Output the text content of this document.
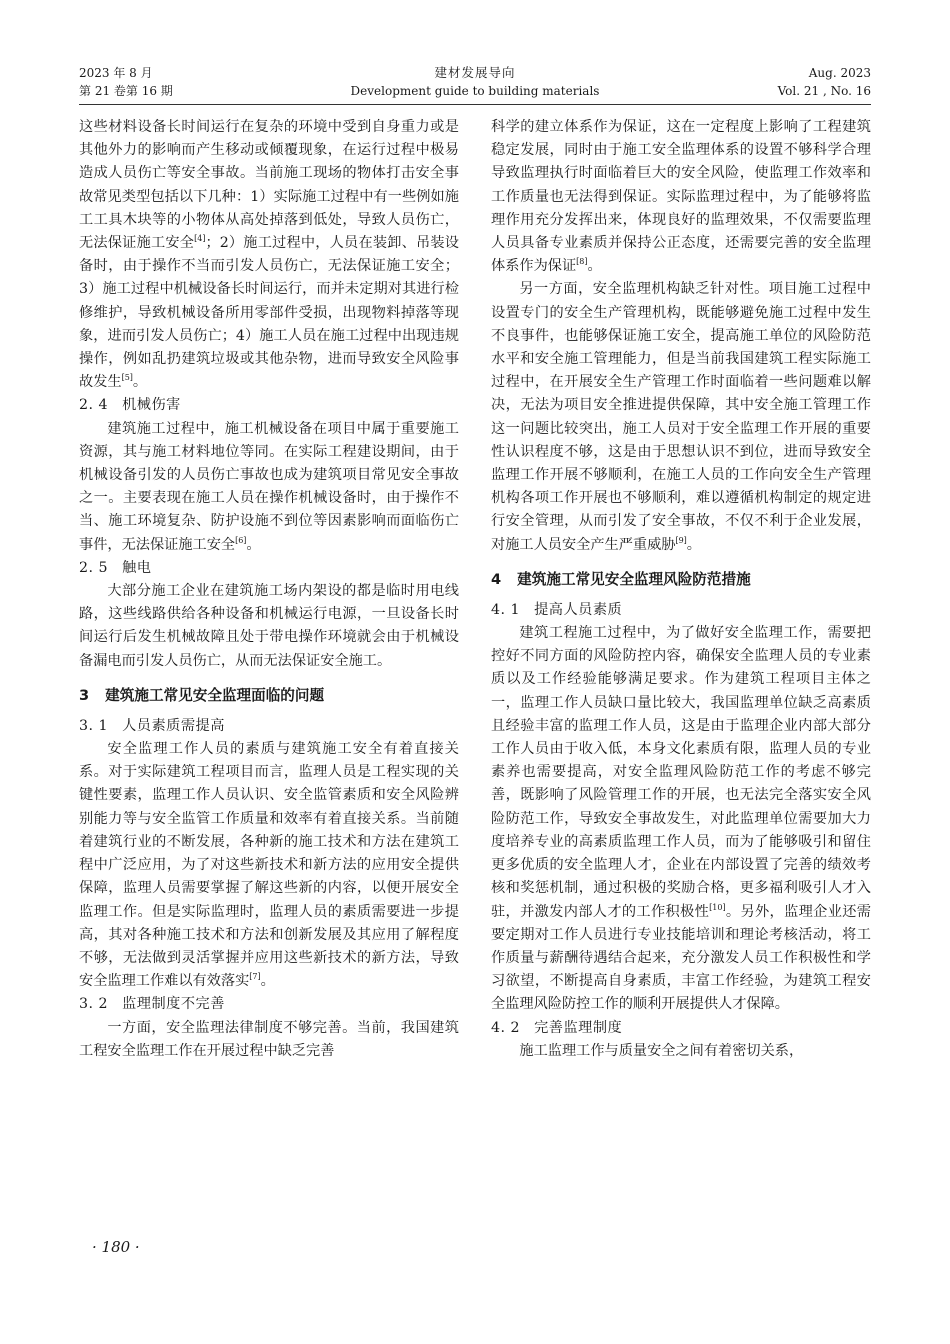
2023 年 8 月
第 21 卷第 16 期
建材发展导向
Development guide to building materials
Aug. 2023
Vol. 21 , No. 16

这些材料设备长时间运行在复杂的环境中受到自身重力或是其他外力的影响而产生移动或倾覆现象，在运行过程中极易造成人员伤亡等安全事故。当前施工现场的物体打击安全事故常见类型包括以下几种：1）实际施工过程中有一些例如施工工具木块等的小物体从高处掉落到低处，导致人员伤亡，无法保证施工安全[4]；2）施工过程中，人员在装卸、吊装设备时，由于操作不当而引发人员伤亡，无法保证施工安全；3）施工过程中机械设备长时间运行，而并未定期对其进行检修维护，导致机械设备所用零部件受损，出现物料掉落等现象，进而引发人员伤亡；4）施工人员在施工过程中出现违规操作，例如乱扔建筑垃圾或其他杂物，进而导致安全风险事故发生[5]。

2. 4 机械伤害

建筑施工过程中，施工机械设备在项目中属于重要施工资源，其与施工材料地位等同。在实际工程建设期间，由于机械设备引发的人员伤亡事故也成为建筑项目常见安全事故之一。主要表现在施工人员在操作机械设备时，由于操作不当、施工环境复杂、防护设施不到位等因素影响而面临伤亡事件，无法保证施工安全[6]。

2. 5 触电

大部分施工企业在建筑施工场内架设的都是临时用电线路，这些线路供给各种设备和机械运行电源，一旦设备长时间运行后发生机械故障且处于带电操作环境就会由于机械设备漏电而引发人员伤亡，从而无法保证安全施工。

3 建筑施工常见安全监理面临的问题
3. 1 人员素质需提高

安全监理工作人员的素质与建筑施工安全有着直接关系。对于实际建筑工程项目而言，监理人员是工程实现的关键性要素，监理工作人员认识、安全监管素质和安全风险辨别能力等与安全监管工作质量和效率有着直接关系。当前随着建筑行业的不断发展，各种新的施工技术和方法在建筑工程中广泛应用，为了对这些新技术和新方法的应用安全提供保障，监理人员需要掌握了解这些新的内容，以便开展安全监理工作。但是实际监理时，监理人员的素质需要进一步提高，其对各种施工技术和方法和创新发展及其应用了解程度不够，无法做到灵活掌握并应用这些新技术的新方法，导致安全监理工作难以有效落实[7]。

3. 2 监理制度不完善

一方面，安全监理法律制度不够完善。当前，我国建筑工程安全监理工作在开展过程中缺乏完善

科学的建立体系作为保证，这在一定程度上影响了工程建筑稳定发展，同时由于施工安全监理体系的设置不够科学合理导致监理执行时面临着巨大的安全风险，使监理工作效率和工作质量也无法得到保证。实际监理过程中，为了能够将监理作用充分发挥出来，体现良好的监理效果，不仅需要监理人员具备专业素质并保持公正态度，还需要完善的安全监理体系作为保证[8]。

另一方面，安全监理机构缺乏针对性。项目施工过程中设置专门的安全生产管理机构，既能够避免施工过程中发生不良事件，也能够保证施工安全，提高施工单位的风险防范水平和安全施工管理能力，但是当前我国建筑工程实际施工过程中，在开展安全生产管理工作时面临着一些问题难以解决，无法为项目安全推进提供保障，其中安全施工管理工作这一问题比较突出，施工人员对于安全监理工作开展的重要性认识程度不够，这是由于思想认识不到位，进而导致安全监理工作开展不够顺利，在施工人员的工作向安全生产管理机构各项工作开展也不够顺利，难以遵循机构制定的规定进行安全管理，从而引发了安全事故，不仅不利于企业发展，对施工人员安全产生严重威胁[9]。

4 建筑施工常见安全监理风险防范措施
4. 1 提高人员素质

建筑工程施工过程中，为了做好安全监理工作，需要把控好不同方面的风险防控内容，确保安全监理人员的专业素质以及工作经验能够满足要求。作为建筑工程项目主体之一，监理工作人员缺口量比较大，我国监理单位缺乏高素质且经验丰富的监理工作人员，这是由于监理企业内部大部分工作人员由于收入低，本身文化素质有限，监理人员的专业素养也需要提高，对安全监理风险防范工作的考虑不够完善，既影响了风险管理工作的开展，也无法完全落实安全风险防范工作，导致安全事故发生，对此监理单位需要加大力度培养专业的高素质监理工作人员，而为了能够吸引和留住更多优质的安全监理人才，企业在内部设置了完善的绩效考核和奖惩机制，通过积极的奖励合格，更多福利吸引人才入驻，并激发内部人才的工作积极性[10]。另外，监理企业还需要定期对工作人员进行专业技能培训和理论考核活动，将工作质量与薪酬待遇结合起来，充分激发人员工作积极性和学习欲望，不断提高自身素质，丰富工作经验，为建筑工程安全监理风险防控工作的顺利开展提供人才保障。

4. 2 完善监理制度

施工监理工作与质量安全之间有着密切关系，

· 180 ·
